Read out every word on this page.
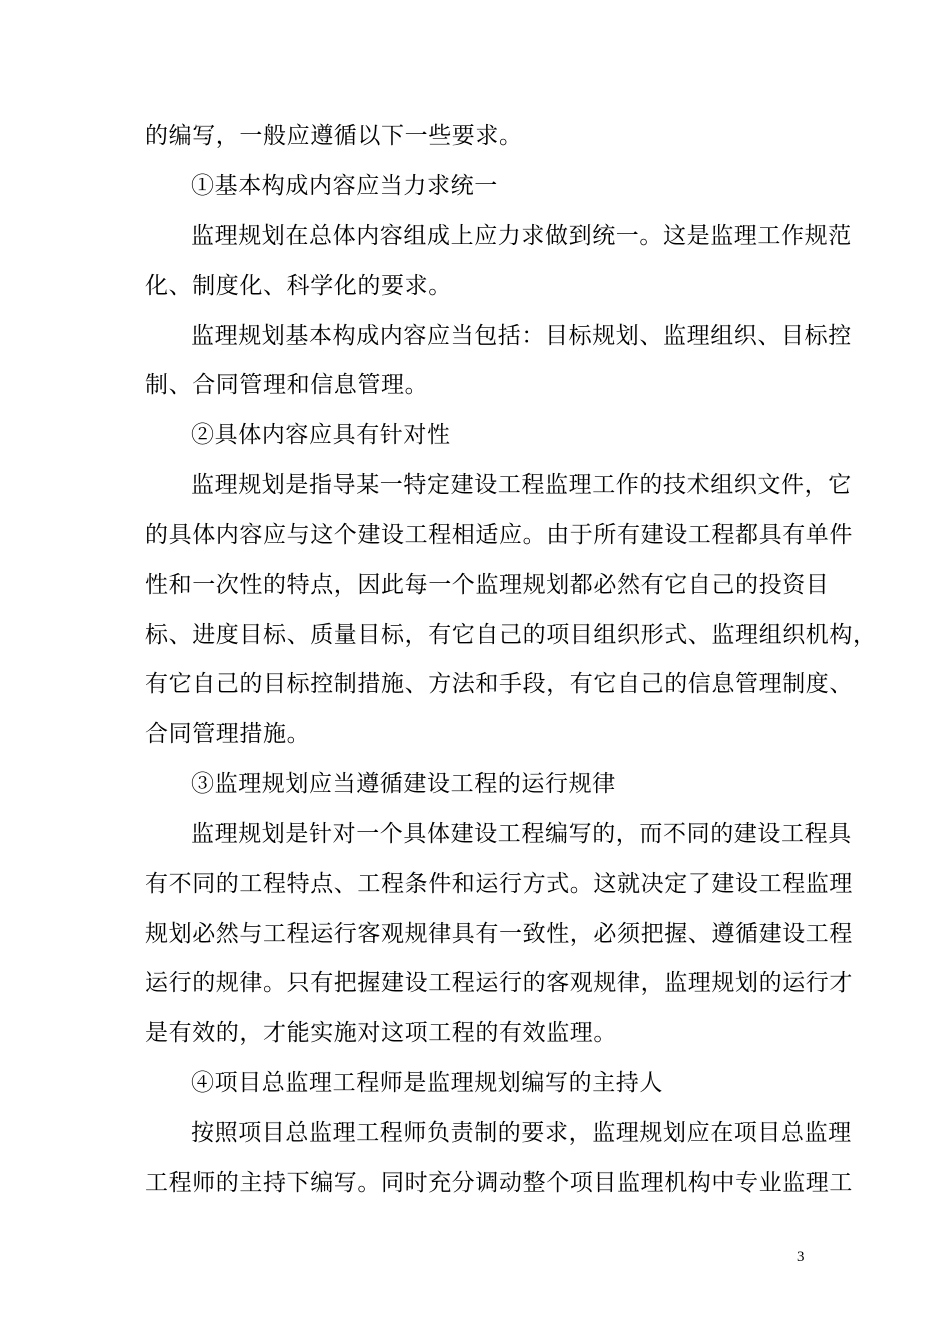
的编写，一般应遵循以下一些要求。
①基本构成内容应当力求统一
监理规划在总体内容组成上应力求做到统一。这是监理工作规范
化、制度化、科学化的要求。
监理规划基本构成内容应当包括：目标规划、监理组织、目标控
制、合同管理和信息管理。
②具体内容应具有针对性
监理规划是指导某一特定建设工程监理工作的技术组织文件，它
的具体内容应与这个建设工程相适应。由于所有建设工程都具有单件
性和一次性的特点，因此每一个监理规划都必然有它自己的投资目
标、进度目标、质量目标，有它自己的项目组织形式、监理组织机构，
有它自己的目标控制措施、方法和手段，有它自己的信息管理制度、
合同管理措施。
③监理规划应当遵循建设工程的运行规律
监理规划是针对一个具体建设工程编写的，而不同的建设工程具
有不同的工程特点、工程条件和运行方式。这就决定了建设工程监理
规划必然与工程运行客观规律具有一致性，必须把握、遵循建设工程
运行的规律。只有把握建设工程运行的客观规律，监理规划的运行才
是有效的，才能实施对这项工程的有效监理。
④项目总监理工程师是监理规划编写的主持人
按照项目总监理工程师负责制的要求，监理规划应在项目总监理
工程师的主持下编写。同时充分调动整个项目监理机构中专业监理工
3
